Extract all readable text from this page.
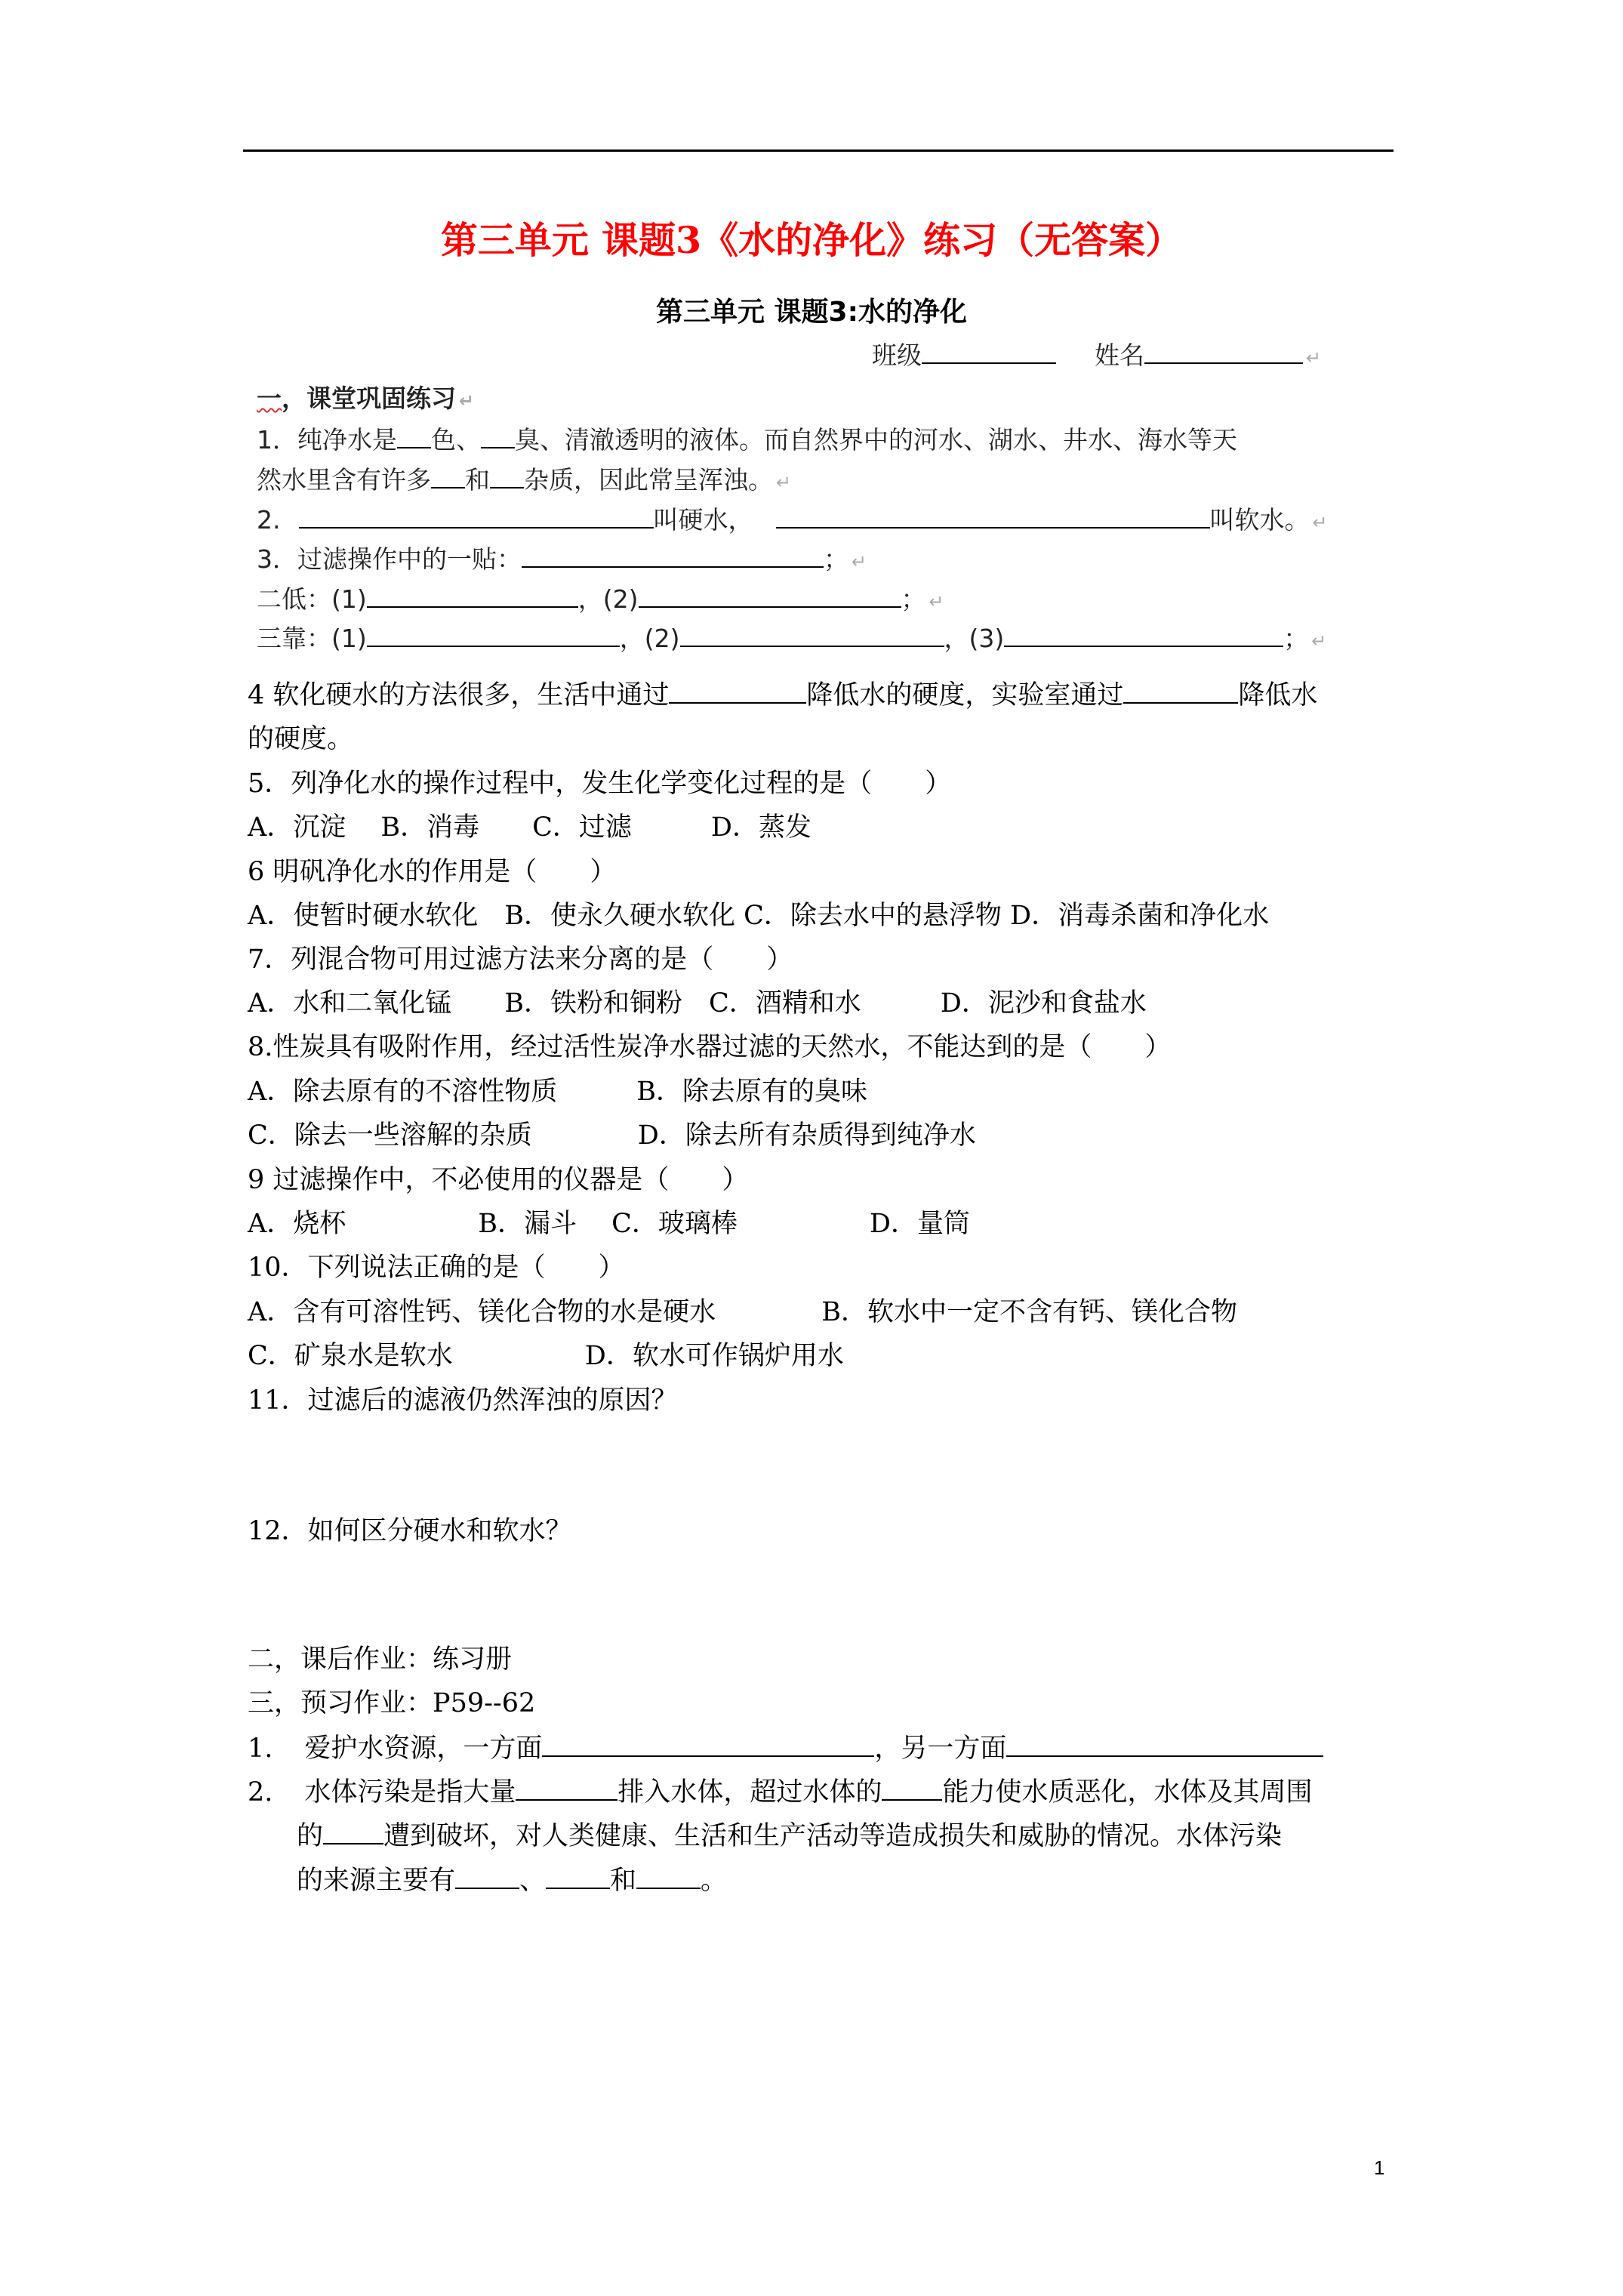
第三单元 课题3《水的净化》练习（无答案）
第三单元 课题3:水的净化
班级	姓名	↵
一，课堂巩固练习 ↵
1．纯净水是 色、 臭、清澈透明的液体。而自然界中的河水、湖水、井水、海水等天
然水里含有许多 和 杂质，因此常呈浑浊。 ↵
2.	叫硬水，	叫软水。 ↵
3．过滤操作中的一贴：	； ↵
二低：(1)	，(2)	； ↵
三靠：(1)	，(2)	，(3)	； ↵
4 软化硬水的方法很多，生活中通过	降低水的硬度，实验室通过	降低水
的硬度。
5．列净化水的操作过程中，发生化学变化过程的是（　　）
A．沉淀　 B．消毒　　C．过滤　　　D．蒸发
6 明矾净化水的作用是（　　）
A．使暂时硬水软化　B．使永久硬水软化 C．除去水中的悬浮物 D．消毒杀菌和净化水
7．列混合物可用过滤方法来分离的是（　　）
A．水和二氧化锰　　B．铁粉和铜粉　C．酒精和水　　　D．泥沙和食盐水
8.性炭具有吸附作用，经过活性炭净水器过滤的天然水，不能达到的是（　　）
A．除去原有的不溶性物质　　　B．除去原有的臭味
C．除去一些溶解的杂质　　　　D．除去所有杂质得到纯净水
9 过滤操作中，不必使用的仪器是（　　）
A．烧杯　　　　　B．漏斗　 C．玻璃棒　　　　　D．量筒
10．下列说法正确的是（　　）
A．含有可溶性钙、镁化合物的水是硬水　　　　B．软水中一定不含有钙、镁化合物
C．矿泉水是软水　　　　　D．软水可作锅炉用水
11．过滤后的滤液仍然浑浊的原因？
12．如何区分硬水和软水？
二，课后作业：练习册
三，预习作业：P59--62
1. 爱护水资源，一方面	，另一方面
2. 水体污染是指大量	排入水体，超过水体的 能力使水质恶化，水体及其周围
的 遭到破坏，对人类健康、生活和生产活动等造成损失和威胁的情况。水体污染
的来源主要有 、 和 。
1
